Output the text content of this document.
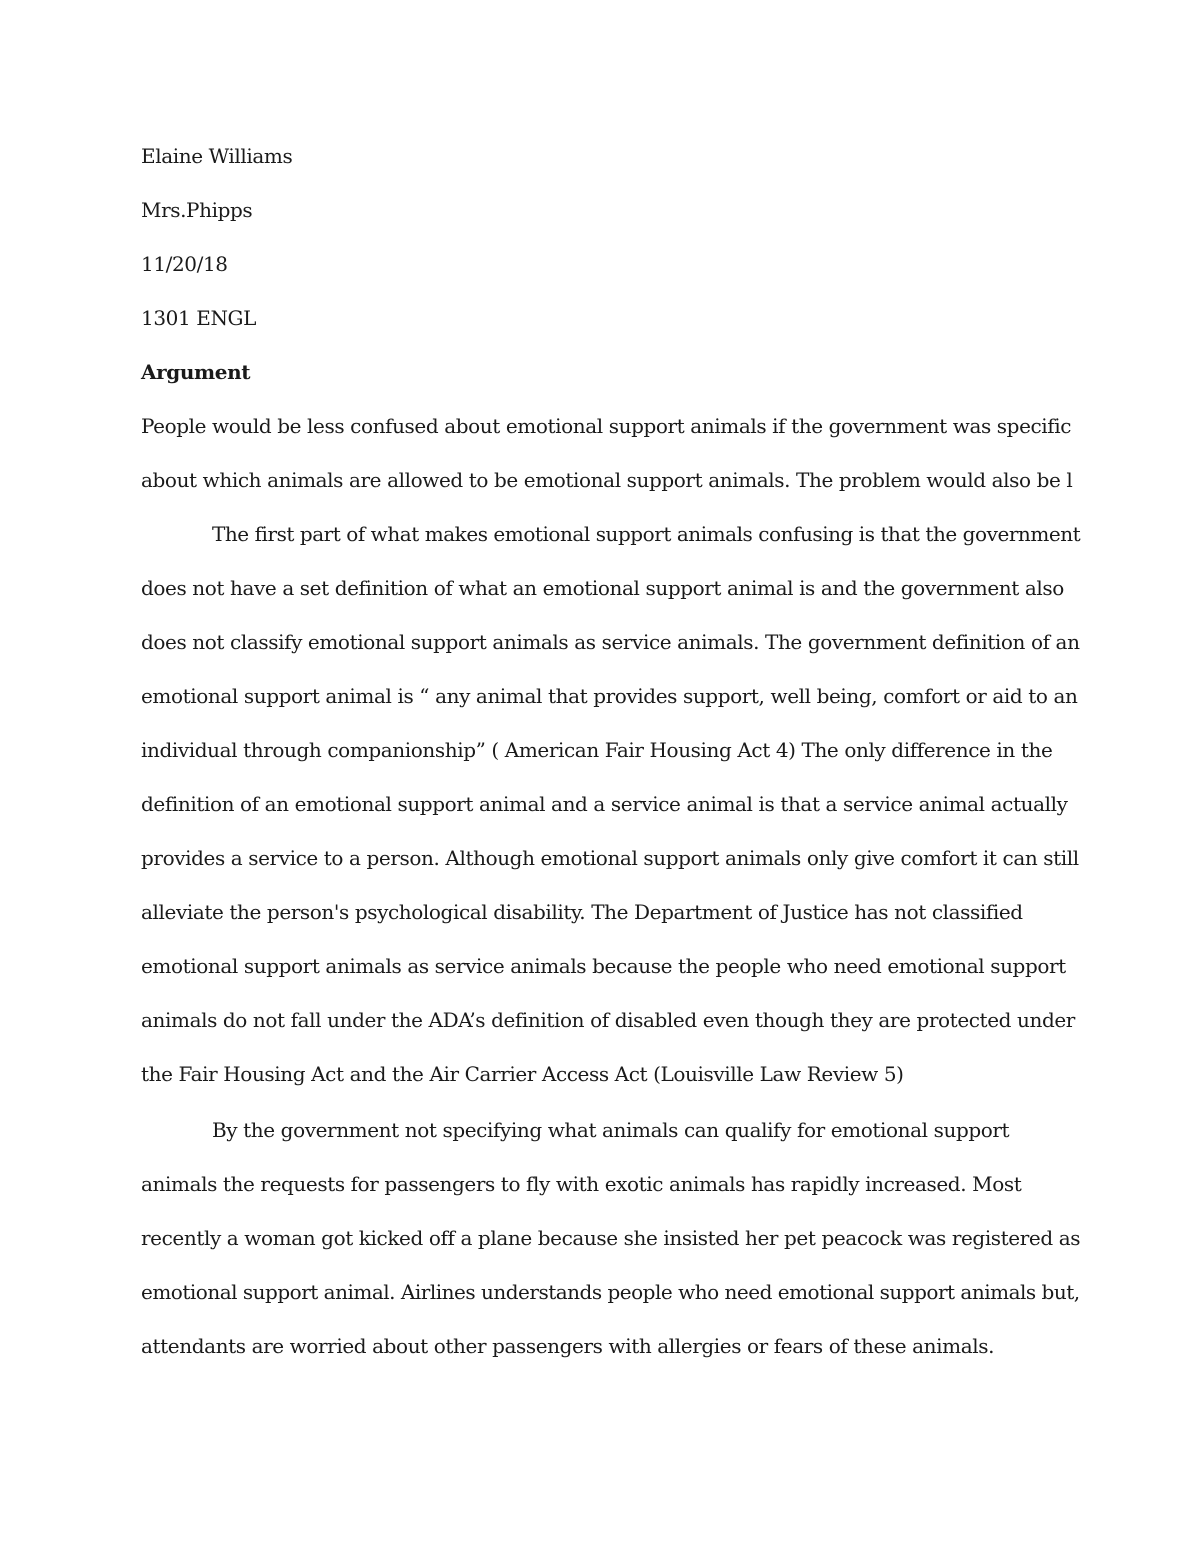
Elaine Williams
Mrs.Phipps
11/20/18
1301 ENGL
Argument
People would be less confused about emotional support animals if the government was specific
about which animals are allowed to be emotional support animals. The problem would also be l
The first part of what makes emotional support animals confusing is that the government
does not have a set definition of what an emotional support animal is and the government also
does not classify emotional support animals as service animals. The government definition of an
emotional support animal is “ any animal that provides support, well being, comfort or aid to an
individual through companionship” ( American Fair Housing Act 4) The only difference in the
definition of an emotional support animal and a service animal is that a service animal actually
provides a service to a person. Although emotional support animals only give comfort it can still
alleviate the person's psychological disability. The Department of Justice has not classified
emotional support animals as service animals because the people who need emotional support
animals do not fall under the ADA’s definition of disabled even though they are protected under
the Fair Housing Act and the Air Carrier Access Act (Louisville Law Review 5)
By the government not specifying what animals can qualify for emotional support
animals the requests for passengers to fly with exotic animals has rapidly increased. Most
recently a woman got kicked off a plane because she insisted her pet peacock was registered as
emotional support animal. Airlines understands people who need emotional support animals but,
attendants are worried about other passengers with allergies or fears of these animals.
